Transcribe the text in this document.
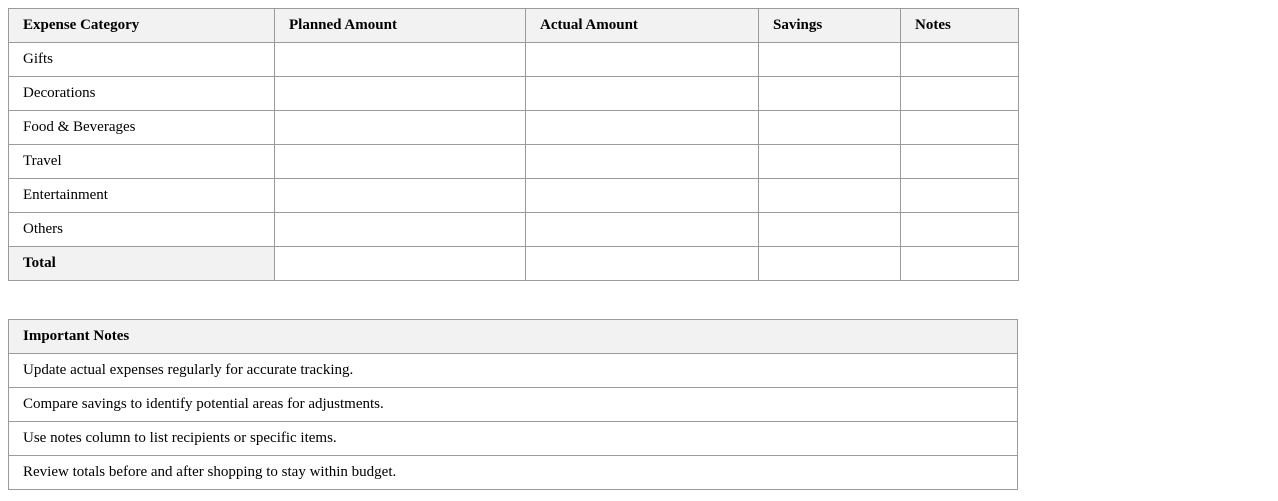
Expense Category	Planned Amount	Actual Amount	Savings	Notes
Gifts				
Decorations				
Food & Beverages				
Travel				
Entertainment				
Others				
Total				
Important Notes
Update actual expenses regularly for accurate tracking.
Compare savings to identify potential areas for adjustments.
Use notes column to list recipients or specific items.
Review totals before and after shopping to stay within budget.
